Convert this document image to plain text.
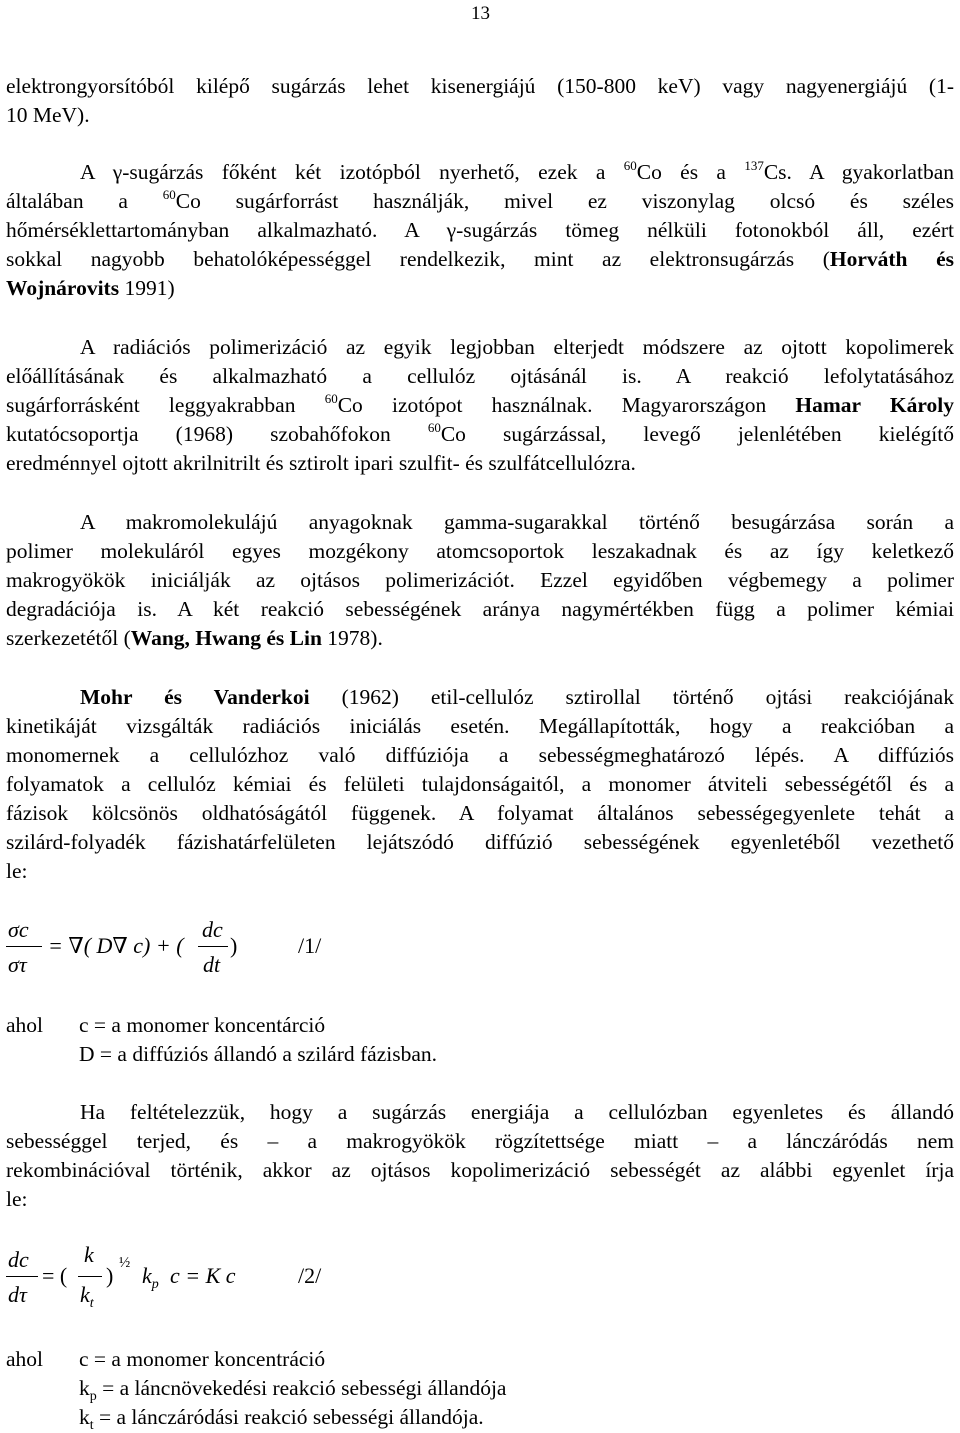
13
elektrongyorsítóból kilépő sugárzás lehet kisenergiájú (150-800 keV) vagy nagyenergiájú (1-
10 MeV).
A γ-sugárzás főként két izotópból nyerhető, ezek a $^{60}$Co és a $^{137}$Cs. A gyakorlatban
általában a $^{60}$Co sugárforrást használják, mivel ez viszonylag olcsó és széles
hőmérséklettartományban alkalmazható. A γ-sugárzás tömeg nélküli fotonokból áll, ezért
sokkal nagyobb behatolóképességgel rendelkezik, mint az elektronsugárzás (Horváth és
Wojnárovits 1991)
A radiációs polimerizáció az egyik legjobban elterjedt módszere az ojtott kopolimerek
előállításának és alkalmazható a cellulóz ojtásánál is. A reakció lefolytatásához
sugárforrásként leggyakrabban $^{60}$Co izotópot használnak. Magyarországon Hamar Károly
kutatócsoportja (1968) szobahőfokon $^{60}$Co sugárzással, levegő jelenlétében kielégítő
eredménnyel ojtott akrilnitrilt és sztirolt ipari szulfit- és szulfátcellulózra.
A makromolekulájú anyagoknak gamma-sugarakkal történő besugárzása során a
polimer molekuláról egyes mozgékony atomcsoportok leszakadnak és az így keletkező
makrogyökök iniciálják az ojtásos polimerizációt. Ezzel egyidőben végbemegy a polimer
degradációja is. A két reakció sebességének aránya nagymértékben függ a polimer kémiai
szerkezetétől (Wang, Hwang és Lin 1978).
Mohr és Vanderkoi (1962) etil-cellulóz sztirollal történő ojtási reakciójának
kinetikáját vizsgálták radiációs iniciálás esetén. Megállapították, hogy a reakcióban a
monomernek a cellulózhoz való diffúziója a sebességmeghatározó lépés. A diffúziós
folyamatok a cellulóz kémiai és felületi tulajdonságaitól, a monomer átviteli sebességétől és a
fázisok kölcsönös oldhatóságától függenek. A folyamat általános sebességegyenlete tehát a
szilárd-folyadék fázishatárfelületen lejátszódó diffúzió sebességének egyenletéből vezethető
le:
σc
στ
= ∇( D∇ c) + (
dc
dt
)	/1/
ahol	c = a monomer koncentárció
D = a diffúziós állandó a szilárd fázisban.
Ha feltételezzük, hogy a sugárzás energiája a cellulózban egyenletes és állandó
sebességgel terjed, és – a makrogyökök rögzítettsége miatt – a lánczáródás nem
rekombinációval történik, akkor az ojtásos kopolimerizáció sebességét az alábbi egyenlet írja
le:
dc
dτ
= (
k
$k_t$
) ½ $k_p$ c = K c	/2/
ahol	c = a monomer koncentráció
$k_p = a$ láncnövekedési reakció sebességi állandója
$k_t = a$ lánczáródási reakció sebességi állandója.
